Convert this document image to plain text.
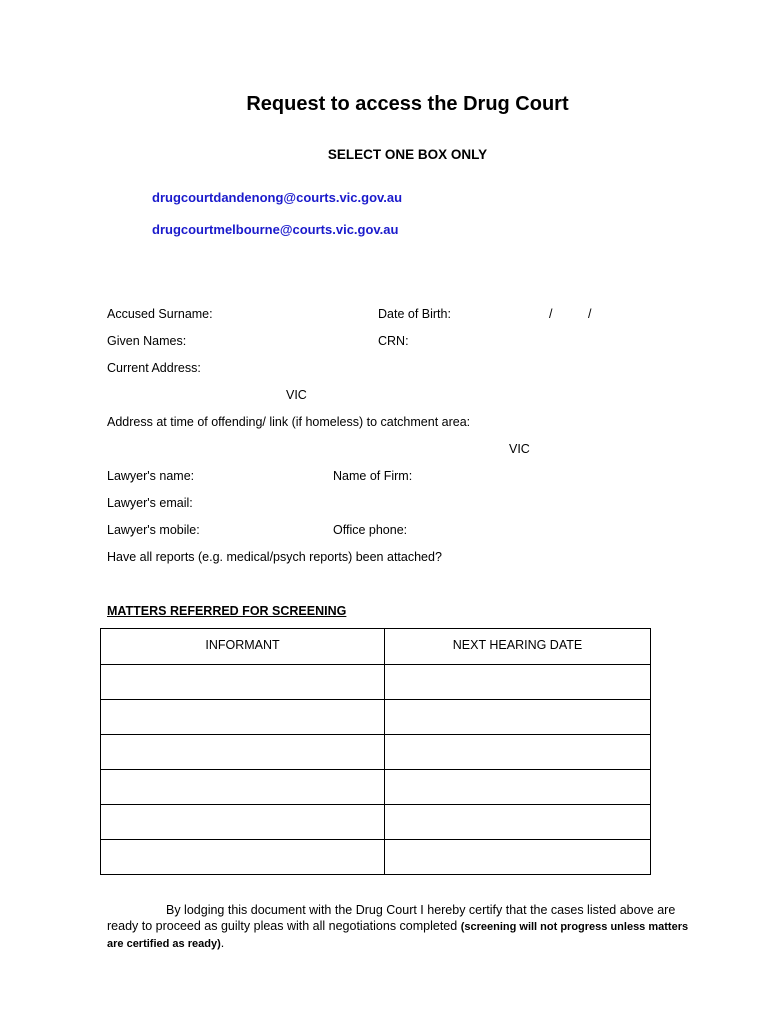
Request to access the Drug Court
SELECT ONE BOX ONLY
drugcourtdandenong@courts.vic.gov.au
drugcourtmelbourne@courts.vic.gov.au
Accused Surname:	Date of Birth:	/	/
Given Names:	CRN:
Current Address:
VIC
Address at time of offending/ link (if homeless) to catchment area:
VIC
Lawyer's name:	Name of Firm:
Lawyer's email:
Lawyer's mobile:	Office phone:
Have all reports (e.g. medical/psych reports) been attached?
MATTERS REFERRED FOR SCREENING
INFORMANT	NEXT HEARING DATE

By lodging this document with the Drug Court I hereby certify that the cases listed above are ready to proceed as guilty pleas with all negotiations completed (screening will not progress unless matters are certified as ready).
